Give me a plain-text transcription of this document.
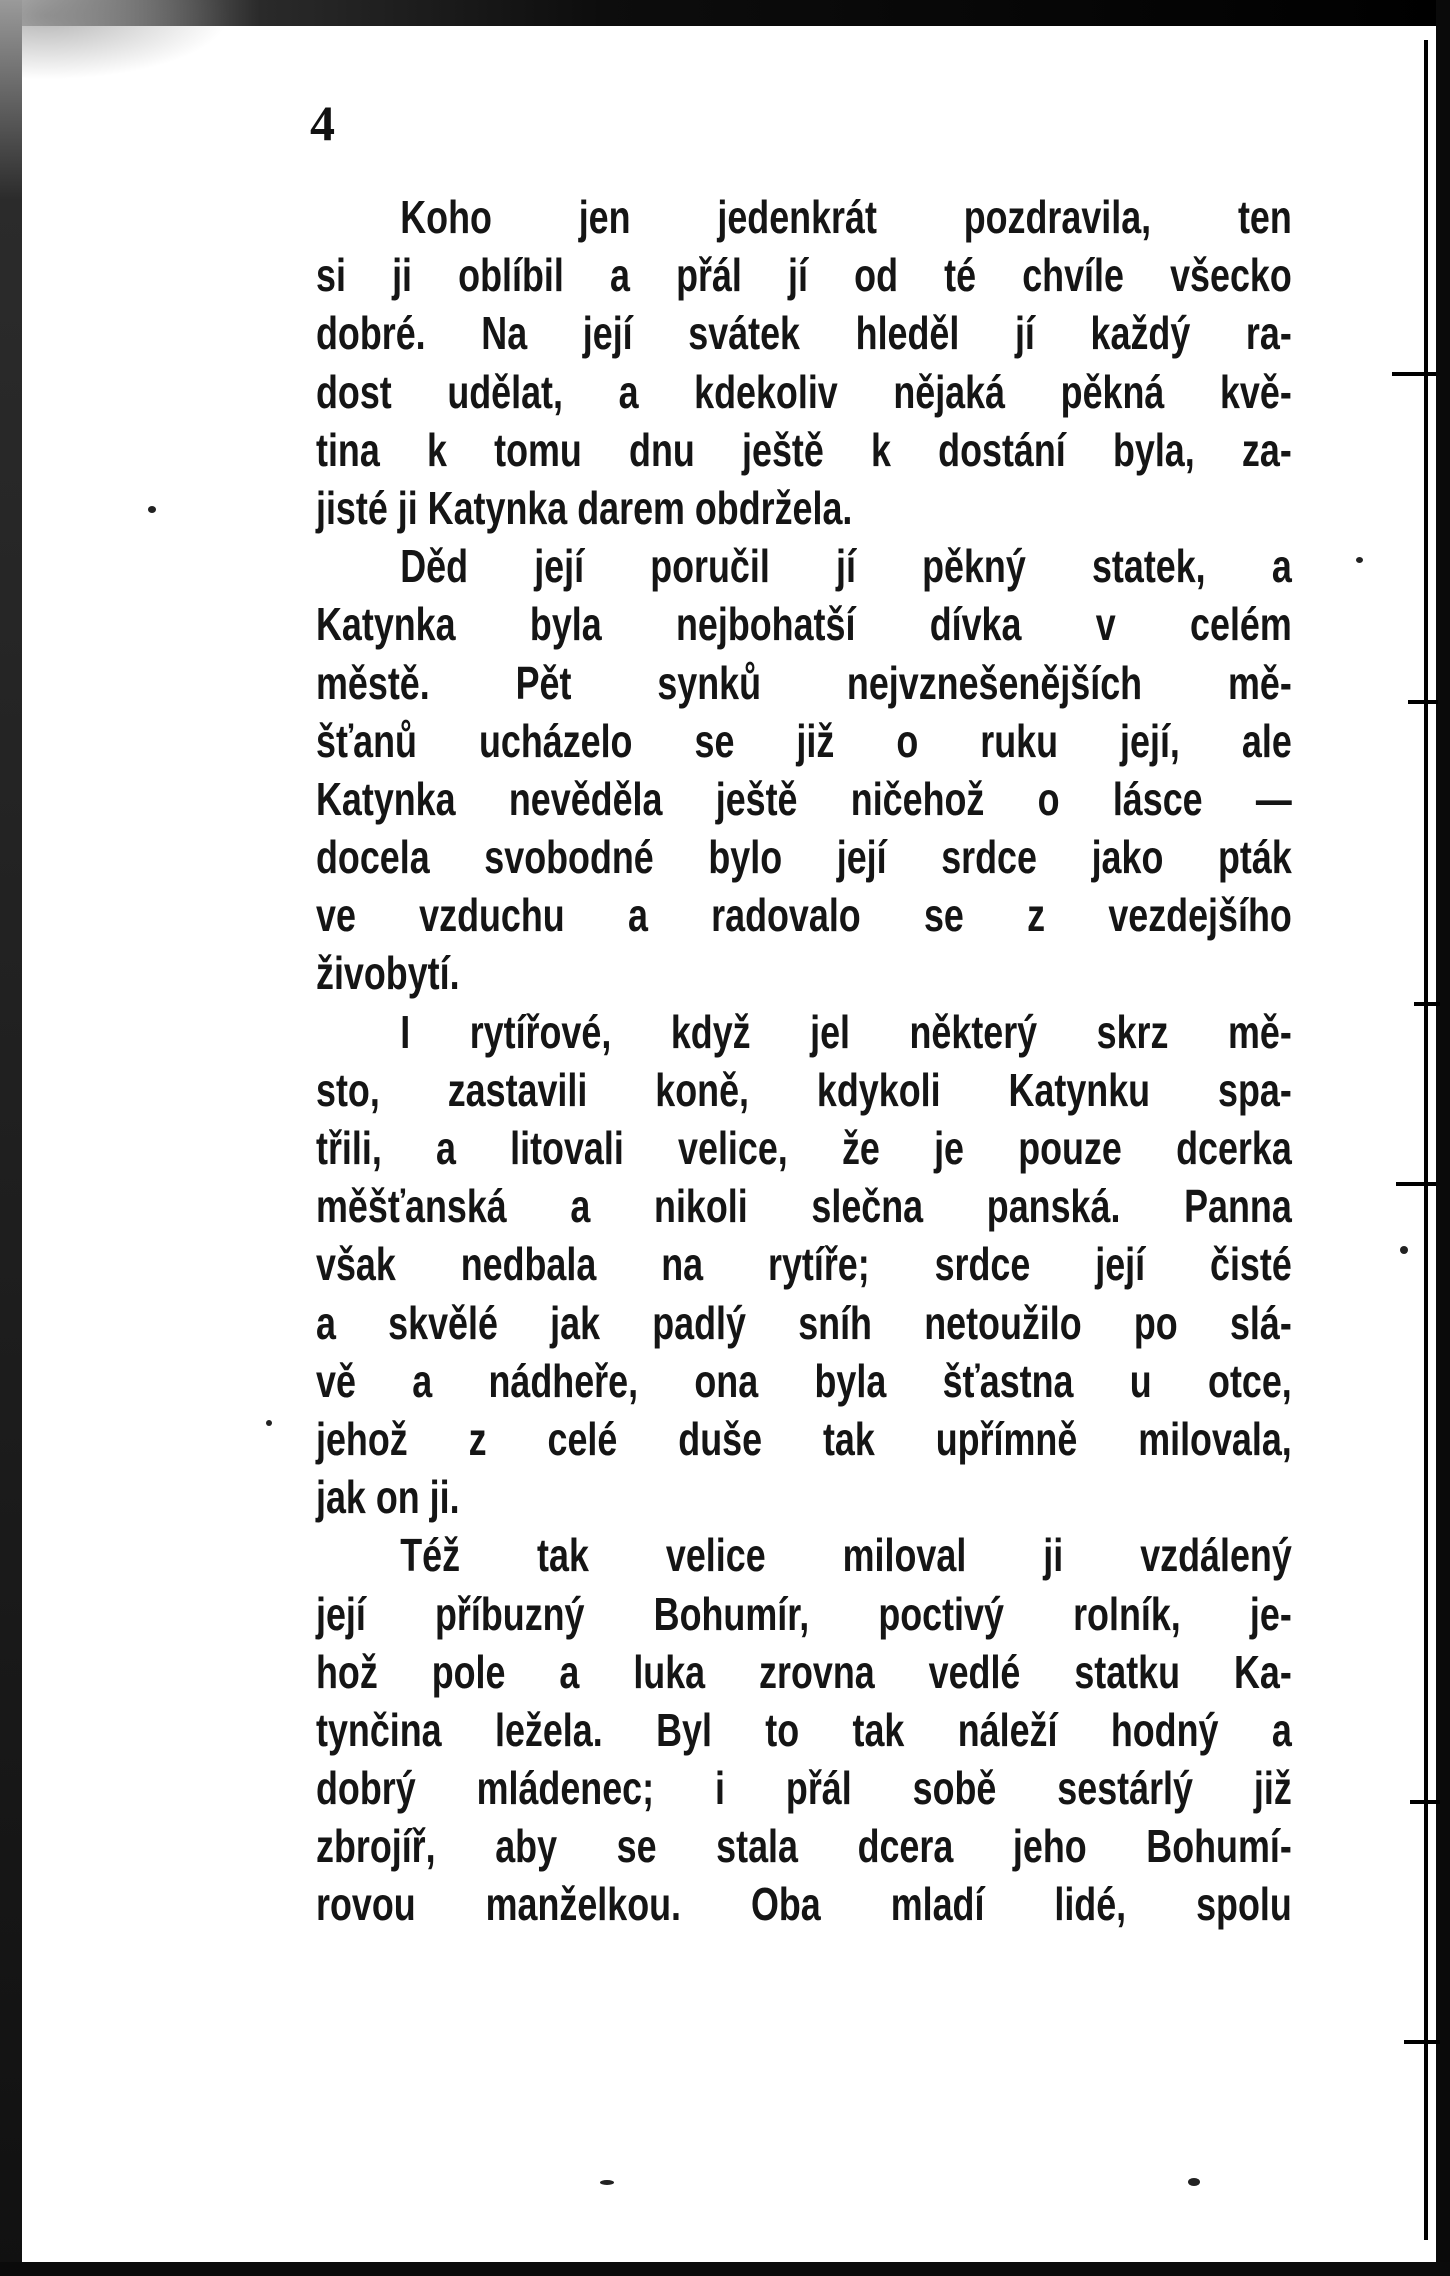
4
Koho jen jedenkrát pozdravila, ten
si ji oblíbil a přál jí od té chvíle všecko
dobré. Na její svátek hleděl jí každý ra-
dost udělat, a kdekoliv nějaká pěkná kvě-
tina k tomu dnu ještě k dostání byla, za-
jisté ji Katynka darem obdržela.
Děd její poručil jí pěkný statek, a
Katynka byla nejbohatší dívka v celém
městě. Pět synků nejvznešenějších mě-
šťanů ucházelo se již o ruku její, ale
Katynka nevěděla ještě ničehož o lásce —
docela svobodné bylo její srdce jako pták
ve vzduchu a radovalo se z vezdejšího
živobytí.
I rytířové, když jel některý skrz mě-
sto, zastavili koně, kdykoli Katynku spa-
třili, a litovali velice, že je pouze dcerka
měšťanská a nikoli slečna panská. Panna
však nedbala na rytíře; srdce její čisté
a skvělé jak padlý sníh netoužilo po slá-
vě a nádheře, ona byla šťastna u otce,
jehož z celé duše tak upřímně milovala,
jak on ji.
Též tak velice miloval ji vzdálený
její příbuzný Bohumír, poctivý rolník, je-
hož pole a luka zrovna vedlé statku Ka-
tynčina ležela. Byl to tak náleží hodný a
dobrý mládenec; i přál sobě sestárlý již
zbrojíř, aby se stala dcera jeho Bohumí-
rovou manželkou. Oba mladí lidé, spolu
